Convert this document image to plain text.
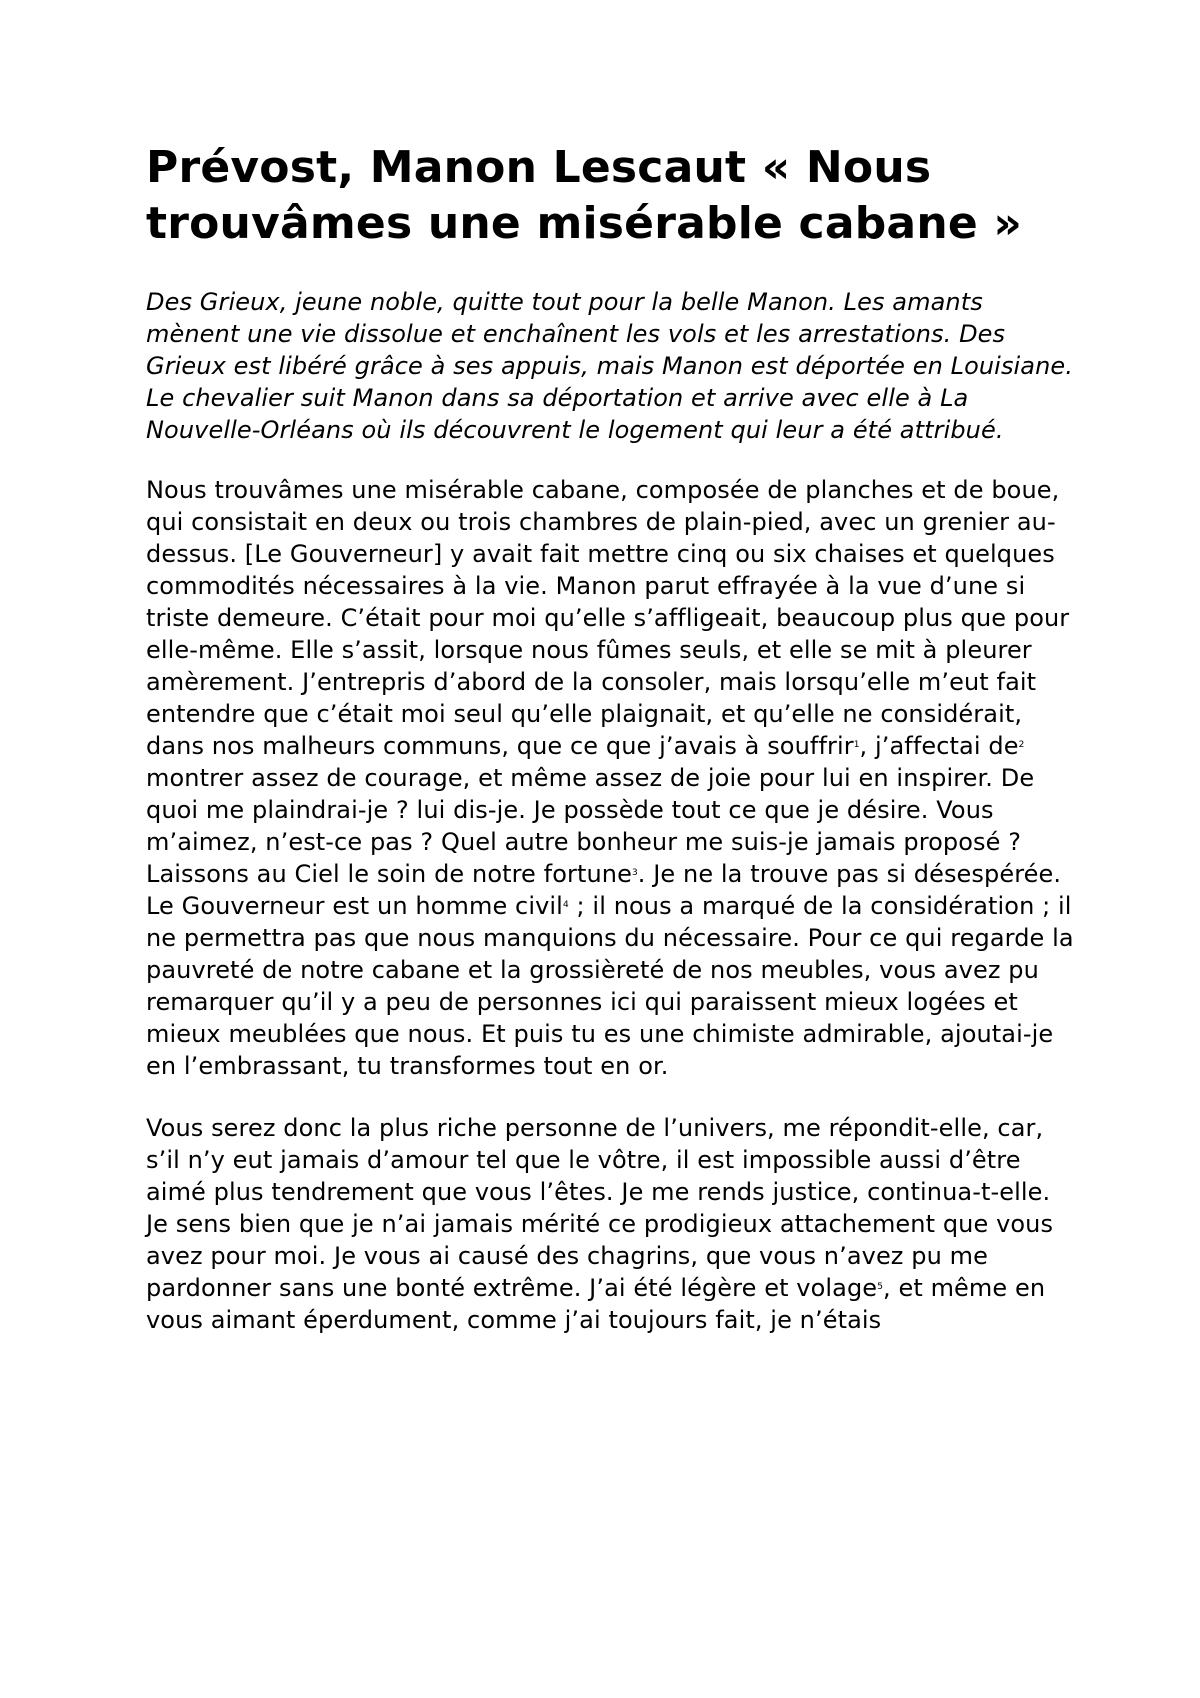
Prévost, Manon Lescaut « Nous trouvâmes une misérable cabane »

Des Grieux, jeune noble, quitte tout pour la belle Manon. Les amants mènent une vie dissolue et enchaînent les vols et les arrestations. Des Grieux est libéré grâce à ses appuis, mais Manon est déportée en Louisiane. Le chevalier suit Manon dans sa déportation et arrive avec elle à La Nouvelle-Orléans où ils découvrent le logement qui leur a été attribué.

Nous trouvâmes une misérable cabane, composée de planches et de boue, qui consistait en deux ou trois chambres de plain-pied, avec un grenier au-dessus. [Le Gouverneur] y avait fait mettre cinq ou six chaises et quelques commodités nécessaires à la vie. Manon parut effrayée à la vue d’une si triste demeure. C’était pour moi qu’elle s’affligeait, beaucoup plus que pour elle-même. Elle s’assit, lorsque nous fûmes seuls, et elle se mit à pleurer amèrement. J’entrepris d’abord de la consoler, mais lorsqu’elle m’eut fait entendre que c’était moi seul qu’elle plaignait, et qu’elle ne considérait, dans nos malheurs communs, que ce que j’avais à souffrir$^1$, j’affectai $de^2$ montrer assez de courage, et même assez de joie pour lui en inspirer. De quoi me plaindrai-je ? lui dis-je. Je possède tout ce que je désire. Vous m’aimez, n’est-ce pas ? Quel autre bonheur me suis-je jamais proposé ? Laissons au Ciel le soin de notre fortune$^3$. Je ne la trouve pas si désespérée. Le Gouverneur est un homme civil$^4$ ; il nous a marqué de la considération ; il ne permettra pas que nous manquions du nécessaire. Pour ce qui regarde la pauvreté de notre cabane et la grossièreté de nos meubles, vous avez pu remarquer qu’il y a peu de personnes ici qui paraissent mieux logées et mieux meublées que nous. Et puis tu es une chimiste admirable, ajoutai-je en l’embrassant, tu transformes tout en or.

Vous serez donc la plus riche personne de l’univers, me répondit-elle, car, s’il n’y eut jamais d’amour tel que le vôtre, il est impossible aussi d’être aimé plus tendrement que vous l’êtes. Je me rends justice, continua-t-elle. Je sens bien que je n’ai jamais mérité ce prodigieux attachement que vous avez pour moi. Je vous ai causé des chagrins, que vous n’avez pu me pardonner sans une bonté extrême. J’ai été légère et volage$^5$, et même en vous aimant éperdument, comme j’ai toujours fait, je n’étais
